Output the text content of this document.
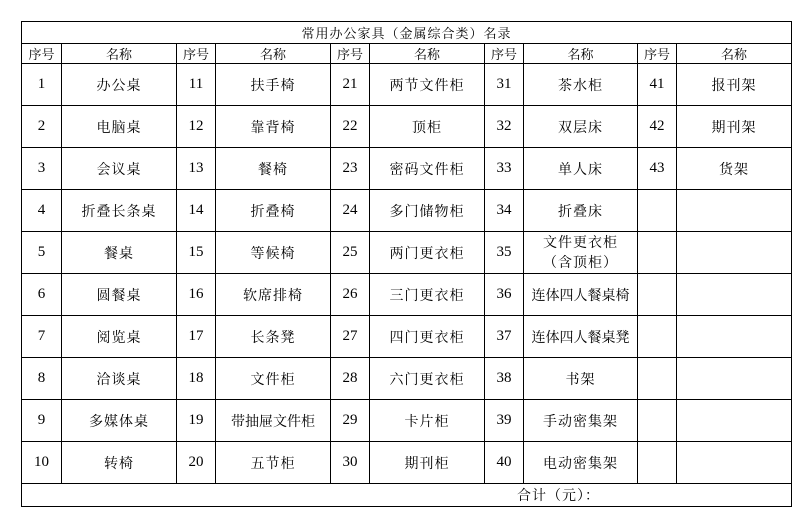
常用办公家具（金属综合类）名录									
序号	名称	序号	名称	序号	名称	序号	名称	序号	名称
1	办公桌	11	扶手椅	21	两节文件柜	31	茶水柜	41	报刊架
2	电脑桌	12	靠背椅	22	顶柜	32	双层床	42	期刊架
3	会议桌	13	餐椅	23	密码文件柜	33	单人床	43	货架
4	折叠长条桌	14	折叠椅	24	多门储物柜	34	折叠床		
5	餐桌	15	等候椅	25	两门更衣柜	35	文件更衣柜
（含顶柜）		

6	圆餐桌	16	软席排椅	26	三门更衣柜	36	连体四人餐桌椅		
7	阅览桌	17	长条凳	27	四门更衣柜	37	连体四人餐桌凳		
8	洽谈桌	18	文件柜	28	六门更衣柜	38	书架		
9	多媒体桌	19	带抽屉文件柜	29	卡片柜	39	手动密集架		
10	转椅	20	五节柜	30	期刊柜	40	电动密集架		
合计（元）：									
